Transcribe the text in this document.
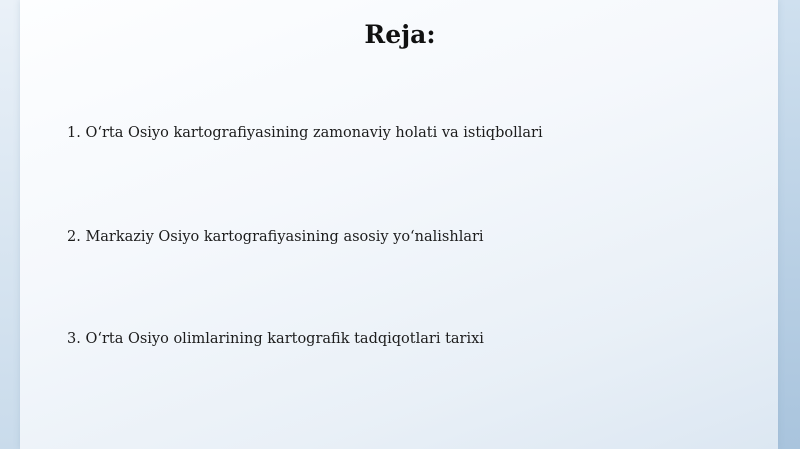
Reja:
1. O‘rta Osiyo kartografiyasining zamonaviy holati va istiqbollari
2. Markaziy Osiyo kartografiyasining asosiy yo‘nalishlari
3. O‘rta Osiyo olimlarining kartografik tadqiqotlari tarixi
